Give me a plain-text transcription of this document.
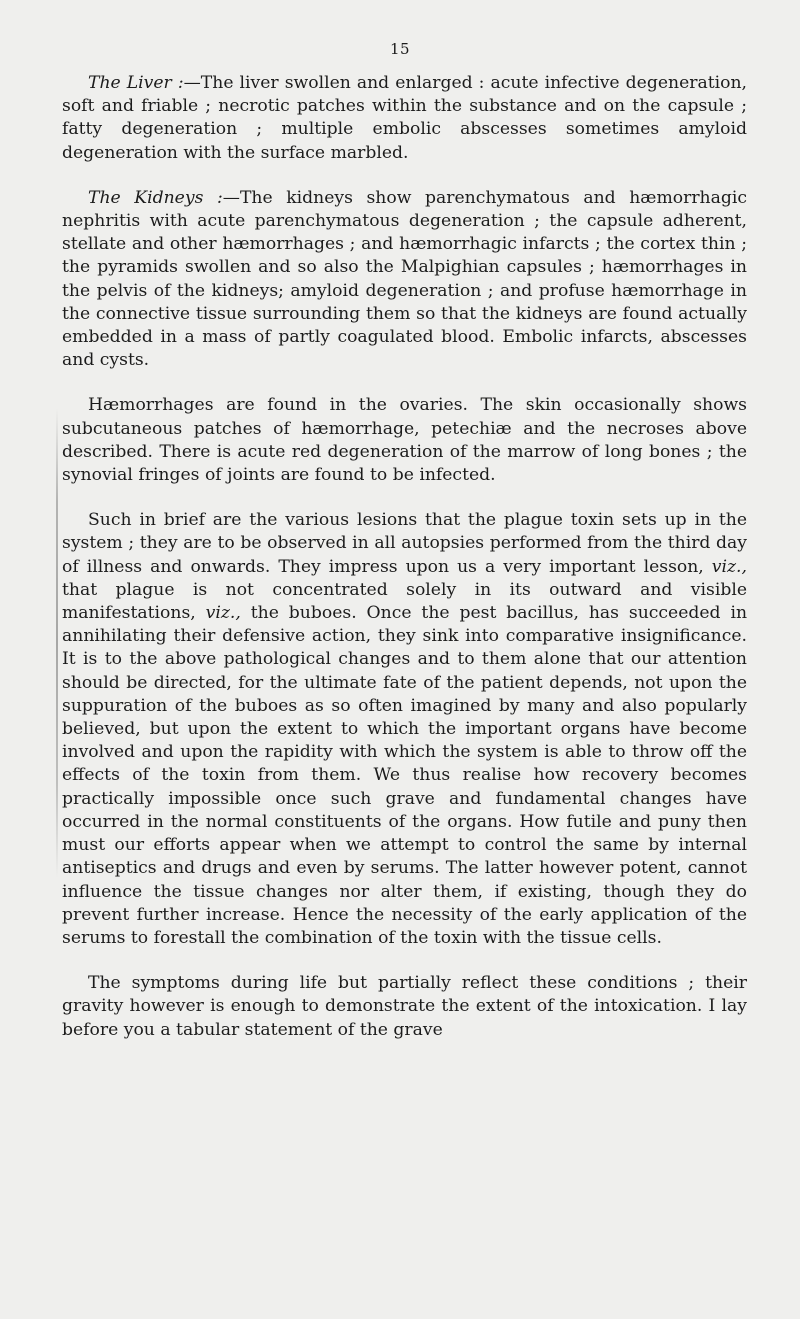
15

The Liver :—The liver swollen and enlarged : acute infective degeneration, soft and friable ; necrotic patches within the substance and on the capsule ; fatty degeneration ; multiple embolic abscesses sometimes amyloid degeneration with the surface marbled.

The Kidneys :—The kidneys show parenchymatous and hæmorrhagic nephritis with acute parenchymatous degeneration ; the capsule adherent, stellate and other hæmorrhages ; and hæmorrhagic infarcts ; the cortex thin ; the pyramids swollen and so also the Malpighian capsules ; hæmorrhages in the pelvis of the kidneys; amyloid degeneration ; and profuse hæmorrhage in the connective tissue surrounding them so that the kidneys are found actually embedded in a mass of partly coagulated blood. Embolic infarcts, abscesses and cysts.

Hæmorrhages are found in the ovaries. The skin occasionally shows subcutaneous patches of hæmorrhage, petechiæ and the necroses above described. There is acute red degeneration of the marrow of long bones ; the synovial fringes of joints are found to be infected.

Such in brief are the various lesions that the plague toxin sets up in the system ; they are to be observed in all autopsies performed from the third day of illness and onwards. They impress upon us a very important lesson, viz., that plague is not concentrated solely in its outward and visible manifestations, viz., the buboes. Once the pest bacillus, has succeeded in annihilating their defensive action, they sink into comparative insignificance. It is to the above pathological changes and to them alone that our attention should be directed, for the ultimate fate of the patient depends, not upon the suppuration of the buboes as so often imagined by many and also popularly believed, but upon the extent to which the important organs have become involved and upon the rapidity with which the system is able to throw off the effects of the toxin from them. We thus realise how recovery becomes practically impossible once such grave and fundamental changes have occurred in the normal constituents of the organs. How futile and puny then must our efforts appear when we attempt to control the same by internal antiseptics and drugs and even by serums. The latter however potent, cannot influence the tissue changes nor alter them, if existing, though they do prevent further increase. Hence the necessity of the early application of the serums to forestall the combination of the toxin with the tissue cells.

The symptoms during life but partially reflect these conditions ; their gravity however is enough to demonstrate the extent of the intoxication. I lay before you a tabular statement of the grave
